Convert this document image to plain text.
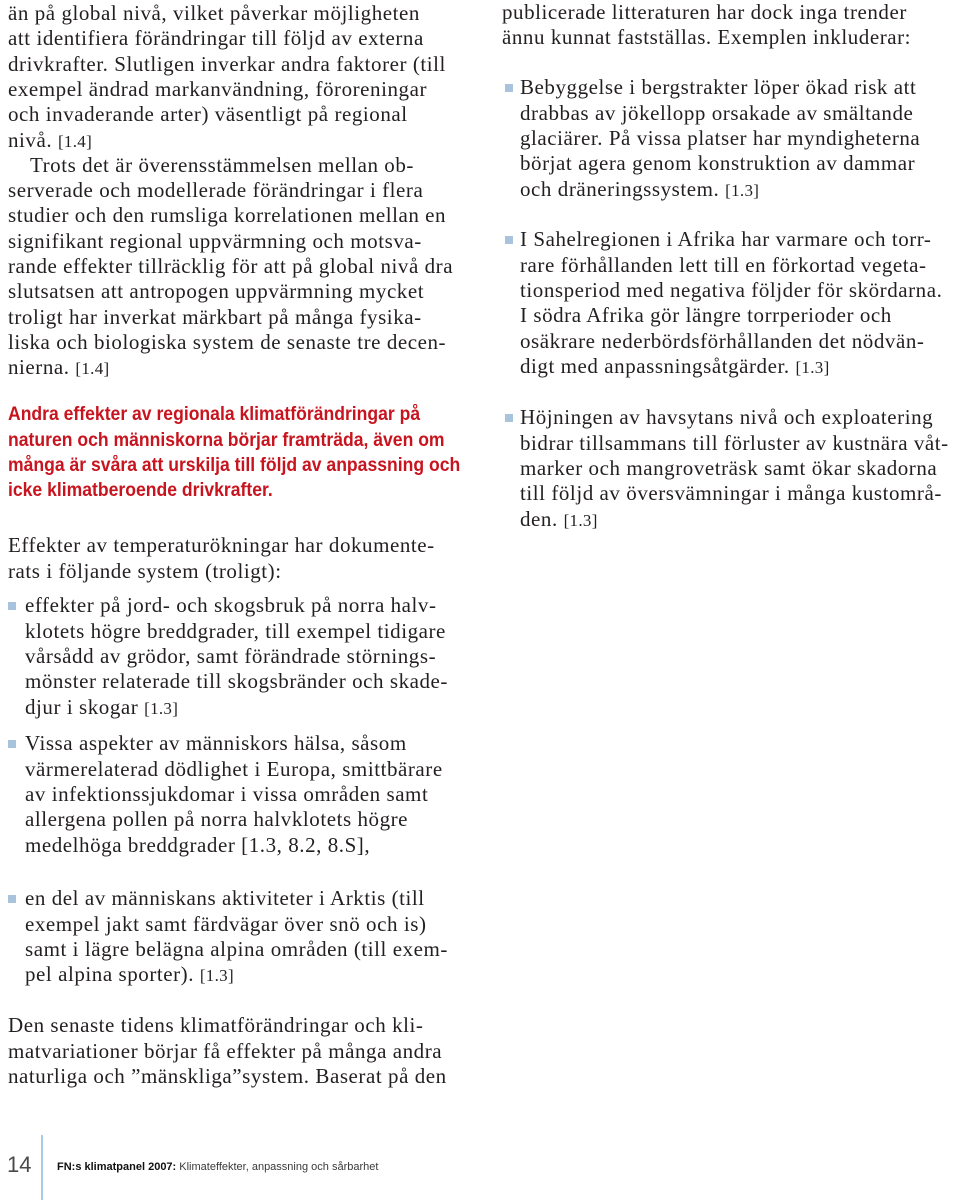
än på global nivå, vilket påverkar möjligheten
att identifiera förändringar till följd av externa
drivkrafter. Slutligen inverkar andra faktorer (till
exempel ändrad markanvändning, föroreningar
och invaderande arter) väsentligt på regional
nivå. [1.4]
Trots det är överensstämmelsen mellan ob-
serverade och modellerade förändringar i flera
studier och den rumsliga korrelationen mellan en
signifikant regional uppvärmning och motsva-
rande effekter tillräcklig för att på global nivå dra
slutsatsen att antropogen uppvärmning mycket
troligt har inverkat märkbart på många fysika-
liska och biologiska system de senaste tre decen-
nierna. [1.4]
Andra effekter av regionala klimatförändringar på
naturen och människorna börjar framträda, även om
många är svåra att urskilja till följd av anpassning och
icke klimatberoende drivkrafter.
Effekter av temperaturökningar har dokumente-
rats i följande system (troligt):
effekter på jord- och skogsbruk på norra halv-
klotets högre breddgrader, till exempel tidigare
vårsådd av grödor, samt förändrade störnings-
mönster relaterade till skogsbränder och skade-
djur i skogar [1.3]
Vissa aspekter av människors hälsa, såsom
värmerelaterad dödlighet i Europa, smittbärare
av infektionssjukdomar i vissa områden samt
allergena pollen på norra halvklotets högre
medelhöga breddgrader [1.3, 8.2, 8.S],
en del av människans aktiviteter i Arktis (till
exempel jakt samt färdvägar över snö och is)
samt i lägre belägna alpina områden (till exem-
pel alpina sporter). [1.3]
Den senaste tidens klimatförändringar och kli-
matvariationer börjar få effekter på många andra
naturliga och ”mänskliga”system. Baserat på den
publicerade litteraturen har dock inga trender
ännu kunnat fastställas. Exemplen inkluderar:
Bebyggelse i bergstrakter löper ökad risk att
drabbas av jökellopp orsakade av smältande
glaciärer. På vissa platser har myndigheterna
börjat agera genom konstruktion av dammar
och dräneringssystem. [1.3]
I Sahelregionen i Afrika har varmare och torr-
rare förhållanden lett till en förkortad vegeta-
tionsperiod med negativa följder för skördarna.
I södra Afrika gör längre torrperioder och
osäkrare nederbördsförhållanden det nödvän-
digt med anpassningsåtgärder. [1.3]
Höjningen av havsytans nivå och exploatering
bidrar tillsammans till förluster av kustnära våt-
marker och mangroveträsk samt ökar skadorna
till följd av översvämningar i många kustområ-
den. [1.3]
14 FN:s klimatpanel 2007: Klimateffekter, anpassning och sårbarhet
